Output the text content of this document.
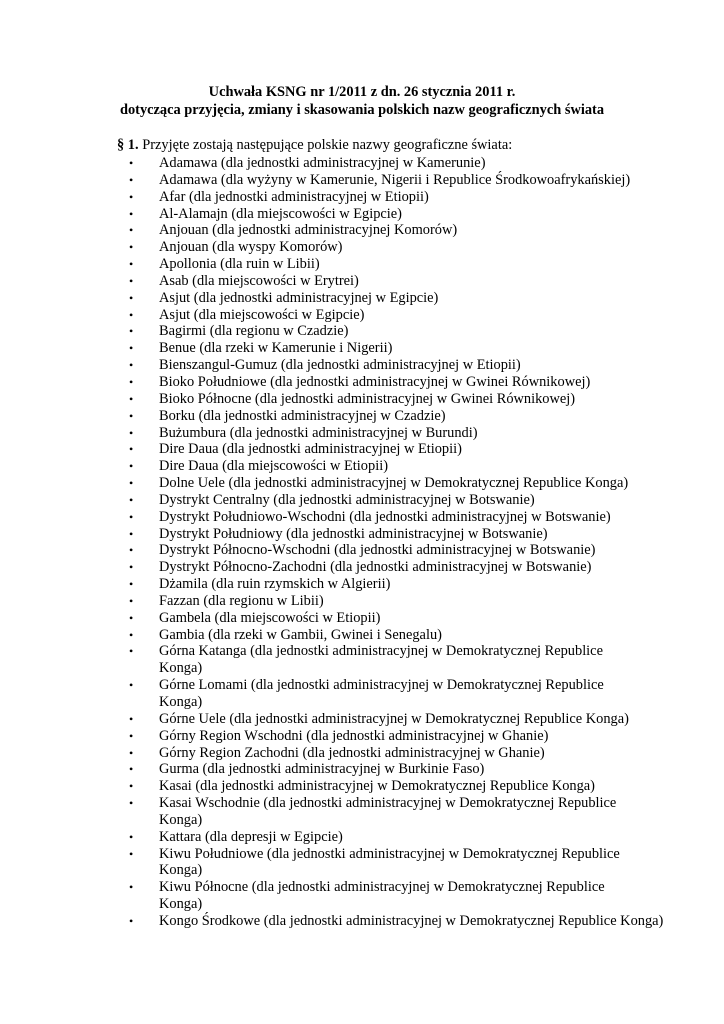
Uchwała KSNG nr 1/2011 z dn. 26 stycznia 2011 r.
dotycząca przyjęcia, zmiany i skasowania polskich nazw geograficznych świata
§ 1. Przyjęte zostają następujące polskie nazwy geograficzne świata:
• Adamawa (dla jednostki administracyjnej w Kamerunie)
• Adamawa (dla wyżyny w Kamerunie, Nigerii i Republice Środkowoafrykańskiej)
• Afar (dla jednostki administracyjnej w Etiopii)
• Al-Alamajn (dla miejscowości w Egipcie)
• Anjouan (dla jednostki administracyjnej Komorów)
• Anjouan (dla wyspy Komorów)
• Apollonia (dla ruin w Libii)
• Asab (dla miejscowości w Erytrei)
• Asjut (dla jednostki administracyjnej w Egipcie)
• Asjut (dla miejscowości w Egipcie)
• Bagirmi (dla regionu w Czadzie)
• Benue (dla rzeki w Kamerunie i Nigerii)
• Bienszangul-Gumuz (dla jednostki administracyjnej w Etiopii)
• Bioko Południowe (dla jednostki administracyjnej w Gwinei Równikowej)
• Bioko Północne (dla jednostki administracyjnej w Gwinei Równikowej)
• Borku (dla jednostki administracyjnej w Czadzie)
• Bużumbura (dla jednostki administracyjnej w Burundi)
• Dire Daua (dla jednostki administracyjnej w Etiopii)
• Dire Daua (dla miejscowości w Etiopii)
• Dolne Uele (dla jednostki administracyjnej w Demokratycznej Republice Konga)
• Dystrykt Centralny (dla jednostki administracyjnej w Botswanie)
• Dystrykt Południowo-Wschodni (dla jednostki administracyjnej w Botswanie)
• Dystrykt Południowy (dla jednostki administracyjnej w Botswanie)
• Dystrykt Północno-Wschodni (dla jednostki administracyjnej w Botswanie)
• Dystrykt Północno-Zachodni (dla jednostki administracyjnej w Botswanie)
• Dżamila (dla ruin rzymskich w Algierii)
• Fazzan (dla regionu w Libii)
• Gambela (dla miejscowości w Etiopii)
• Gambia (dla rzeki w Gambii, Gwinei i Senegalu)
• Górna Katanga (dla jednostki administracyjnej w Demokratycznej Republice Konga)
• Górne Lomami (dla jednostki administracyjnej w Demokratycznej Republice Konga)
• Górne Uele (dla jednostki administracyjnej w Demokratycznej Republice Konga)
• Górny Region Wschodni (dla jednostki administracyjnej w Ghanie)
• Górny Region Zachodni (dla jednostki administracyjnej w Ghanie)
• Gurma (dla jednostki administracyjnej w Burkinie Faso)
• Kasai (dla jednostki administracyjnej w Demokratycznej Republice Konga)
• Kasai Wschodnie (dla jednostki administracyjnej w Demokratycznej Republice Konga)
• Kattara (dla depresji w Egipcie)
• Kiwu Południowe (dla jednostki administracyjnej w Demokratycznej Republice Konga)
• Kiwu Północne (dla jednostki administracyjnej w Demokratycznej Republice Konga)
• Kongo Środkowe (dla jednostki administracyjnej w Demokratycznej Republice Konga)
